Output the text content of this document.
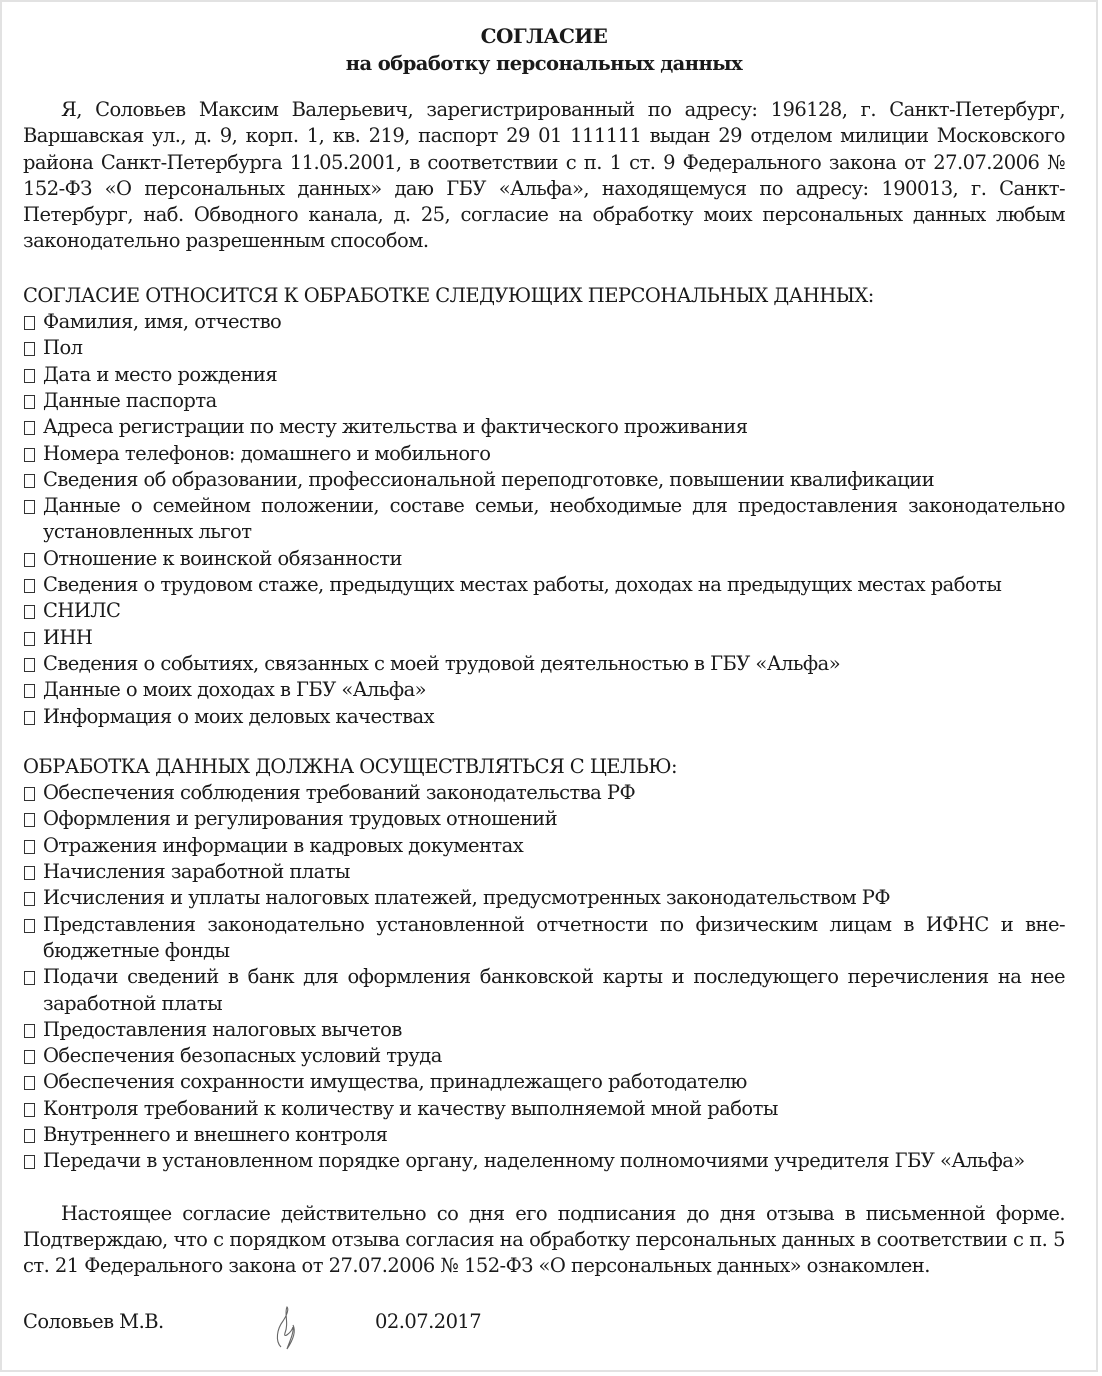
СОГЛАСИЕ
на обработку персональных данных

Я, Соловьев Максим Валерьевич, зарегистрированный по адресу: 196128, г. Санкт-Петербург, Варшавская ул., д. 9, корп. 1, кв. 219, паспорт 29 01 111111 выдан 29 отделом милиции Московского района Санкт-Петербурга 11.05.2001, в соответствии с п. 1 ст. 9 Федерального закона от 27.07.2006 № 152-ФЗ «О персональных данных» даю ГБУ «Альфа», находящемуся по адресу: 190013, г. Санкт-Петербург, наб. Обводного канала, д. 25, согласие на обработку моих персональных данных любым законодательно разрешенным способом.

СОГЛАСИЕ ОТНОСИТСЯ К ОБРАБОТКЕ СЛЕДУЮЩИХ ПЕРСОНАЛЬНЫХ ДАННЫХ:
Фамилия, имя, отчество
Пол
Дата и место рождения
Данные паспорта
Адреса регистрации по месту жительства и фактического проживания
Номера телефонов: домашнего и мобильного
Сведения об образовании, профессиональной переподготовке, повышении квалификации
Данные о семейном положении, составе семьи, необходимые для предоставления законодательно установленных льгот
Отношение к воинской обязанности
Сведения о трудовом стаже, предыдущих местах работы, доходах на предыдущих местах работы
СНИЛС
ИНН
Сведения о событиях, связанных с моей трудовой деятельностью в ГБУ «Альфа»
Данные о моих доходах в ГБУ «Альфа»
Информация о моих деловых качествах
ОБРАБОТКА ДАННЫХ ДОЛЖНА ОСУЩЕСТВЛЯТЬСЯ С ЦЕЛЬЮ:
Обеспечения соблюдения требований законодательства РФ
Оформления и регулирования трудовых отношений
Отражения информации в кадровых документах
Начисления заработной платы
Исчисления и уплаты налоговых платежей, предусмотренных законодательством РФ
Представления законодательно установленной отчетности по физическим лицам в ИФНС и вне-бюджетные фонды
Подачи сведений в банк для оформления банковской карты и последующего перечисления на нее заработной платы
Предоставления налоговых вычетов
Обеспечения безопасных условий труда
Обеспечения сохранности имущества, принадлежащего работодателю
Контроля требований к количеству и качеству выполняемой мной работы
Внутреннего и внешнего контроля
Передачи в установленном порядке органу, наделенному полномочиями учредителя ГБУ «Альфа»

Настоящее согласие действительно со дня его подписания до дня отзыва в письменной форме. Подтверждаю, что с порядком отзыва согласия на обработку персональных данных в соответствии с п. 5 ст. 21 Федерального закона от 27.07.2006 № 152-ФЗ «О персональных данных» ознакомлен.

Соловьев М.В.	02.07.2017
